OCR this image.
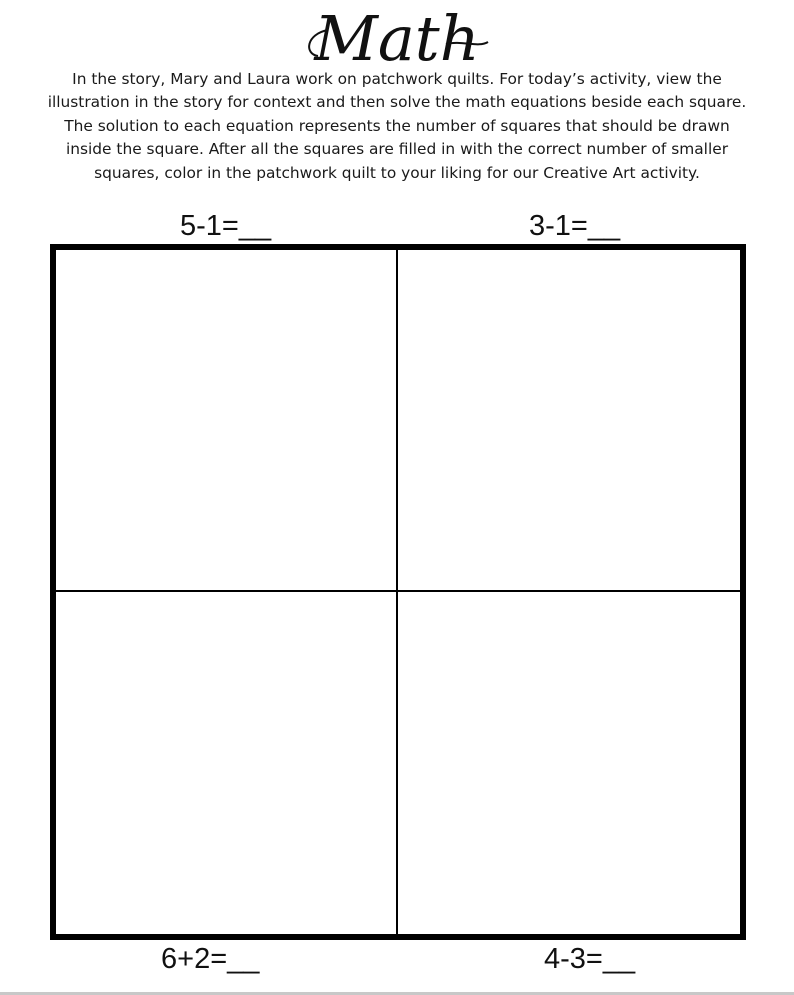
Math
In the story, Mary and Laura work on patchwork quilts. For today’s activity, view the illustration in the story for context and then solve the math equations beside each square. The solution to each equation represents the number of squares that should be drawn inside the square. After all the squares are filled in with the correct number of smaller squares, color in the patchwork quilt to your liking for our Creative Art activity.
5-1=__	3-1=__
6+2=__	4-3=__
